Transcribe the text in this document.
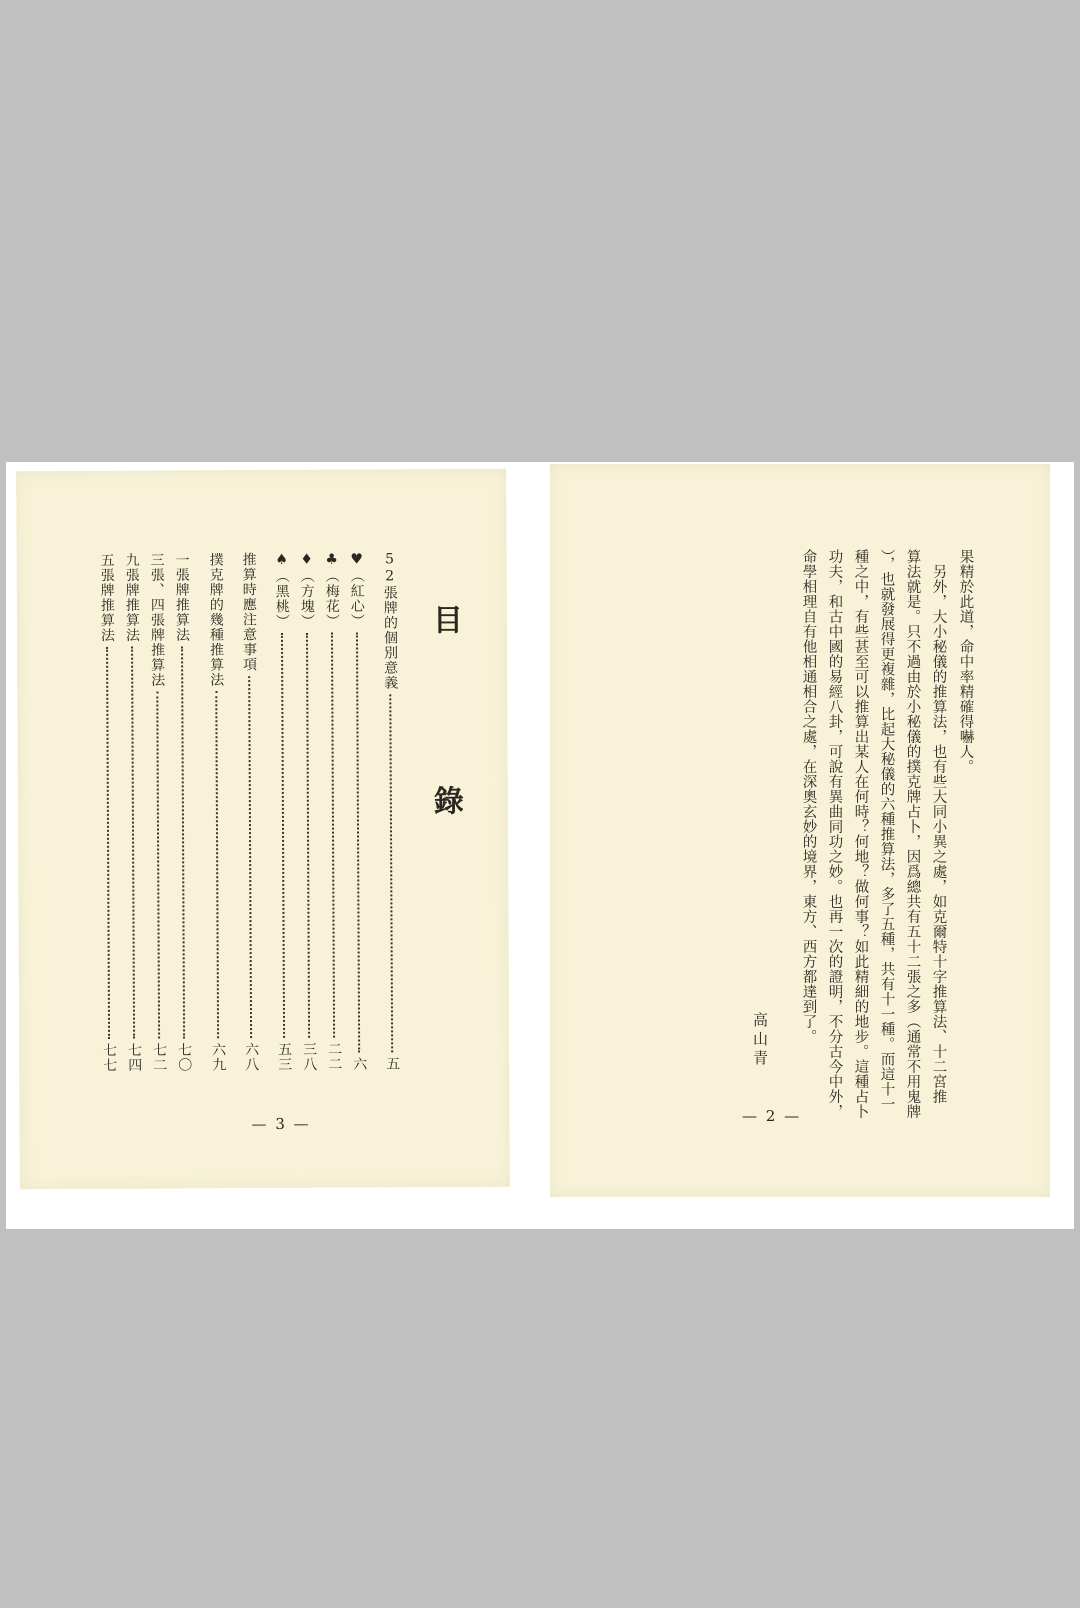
目 錄
52張牌的個別意義
五
♥（紅心）
六
♣（梅花）
二二
♦（方塊）
三八
♠（黑桃）
五三
推算時應注意事項
六八
撲克牌的幾種推算法
六九
一張牌推算法
七〇
三張、四張牌推算法
七二
九張牌推算法
七四
五張牌推算法
七七
— 3 —
果精於此道，命中率精確得嚇人。
　另外，大小秘儀的推算法，也有些大同小異之處，如克爾特十字推算法、十二宮推
算法就是。只不過由於小秘儀的撲克牌占卜，因爲總共有五十二張之多（通常不用鬼牌
），也就發展得更複雜，比起大秘儀的六種推算法，多了五種，共有十一種。而這十一
種之中，有些甚至可以推算出某人在何時？何地？做何事？如此精細的地步。這種占卜
功夫，和古中國的易經八卦，可說有異曲同功之妙。也再一次的證明，不分古今中外，
命學相理自有他相通相合之處，在深奧玄妙的境界，東方、西方都達到了。
高山青
— 2 —
